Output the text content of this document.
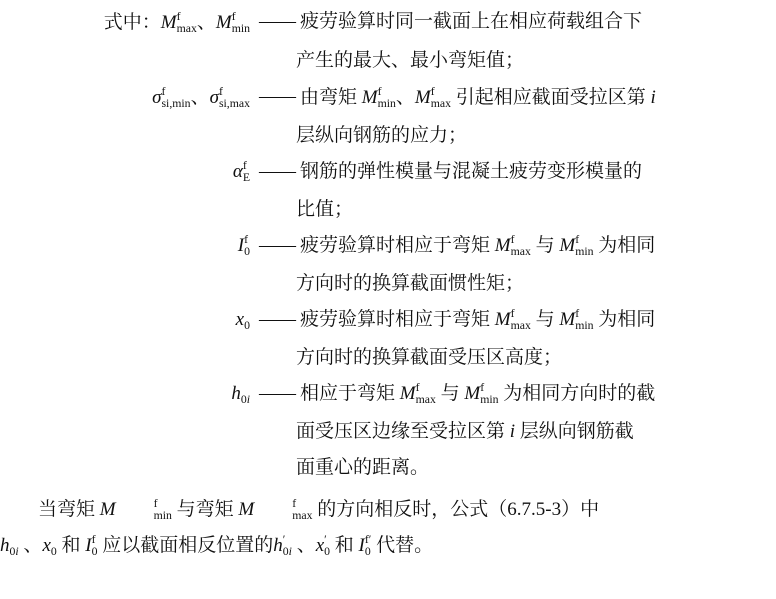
式中：M f
max 、M f
min —— 疲劳验算时同一截面上在相应荷载组合下
产生的最大、最小弯矩值；
σ f
si,min 、σ f
si,max —— 由弯矩 M f
min 、M f
max 引起相应截面受拉区第 i
层纵向钢筋的应力；
α f
E —— 钢筋的弹性模量与混凝土疲劳变形模量的
比值；
I f
0 —— 疲劳验算时相应于弯矩 M f
max 与 M f
min 为相同
方向时的换算截面惯性矩；
$x_0$ —— 疲劳验算时相应于弯矩 M f
max 与 M f
min 为相同
方向时的换算截面受压区高度；
$h_{0i}$ —— 相应于弯矩 M f
max 与 M f
min 为相同方向时的截
面受压区边缘至受拉区第 i 层纵向钢筋截
面重心的距离。
当弯矩 M	f
min 与弯矩 M	f
max 的方向相反时，公式（6.7.5-3）中
$h_{0i}$ 、$x_0$ 和 I f
0 应以截面相反位置的h ′
0i 、x ′
0 和 I f′
0 代替。
